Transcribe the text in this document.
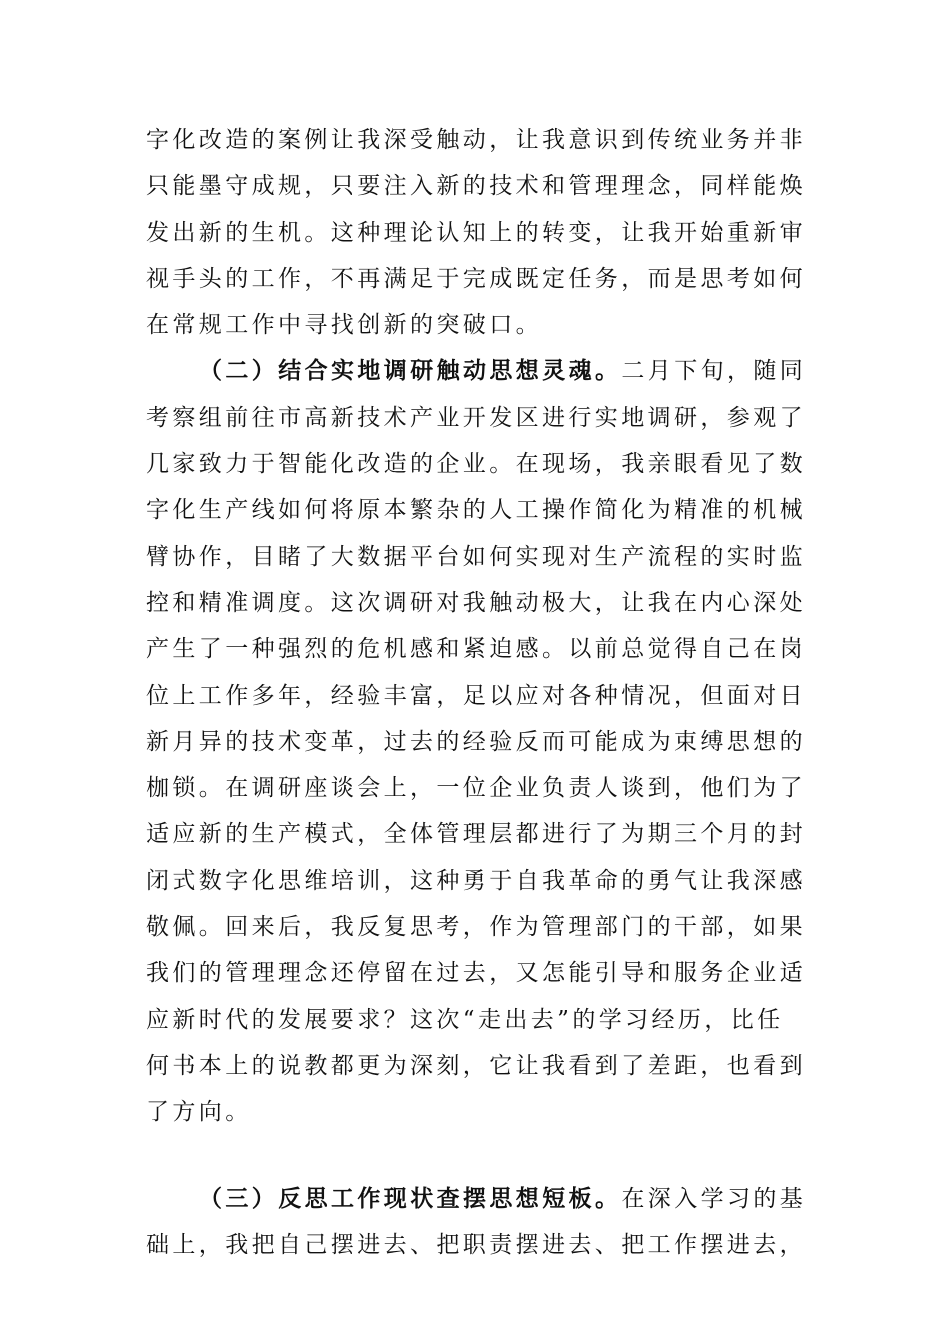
字化改造的案例让我深受触动，让我意识到传统业务并非
只能墨守成规，只要注入新的技术和管理理念，同样能焕
发出新的生机。这种理论认知上的转变，让我开始重新审
视手头的工作，不再满足于完成既定任务，而是思考如何
在常规工作中寻找创新的突破口。
（二）结合实地调研触动思想灵魂。二月下旬，随同
考察组前往市高新技术产业开发区进行实地调研，参观了
几家致力于智能化改造的企业。在现场，我亲眼看见了数
字化生产线如何将原本繁杂的人工操作简化为精准的机械
臂协作，目睹了大数据平台如何实现对生产流程的实时监
控和精准调度。这次调研对我触动极大，让我在内心深处
产生了一种强烈的危机感和紧迫感。以前总觉得自己在岗
位上工作多年，经验丰富，足以应对各种情况，但面对日
新月异的技术变革，过去的经验反而可能成为束缚思想的
枷锁。在调研座谈会上，一位企业负责人谈到，他们为了
适应新的生产模式，全体管理层都进行了为期三个月的封
闭式数字化思维培训，这种勇于自我革命的勇气让我深感
敬佩。回来后，我反复思考，作为管理部门的干部，如果
我们的管理理念还停留在过去，又怎能引导和服务企业适
应新时代的发展要求？这次“走出去”的学习经历，比任
何书本上的说教都更为深刻，它让我看到了差距，也看到
了方向。
（三）反思工作现状查摆思想短板。在深入学习的基
础上，我把自己摆进去、把职责摆进去、把工作摆进去，
